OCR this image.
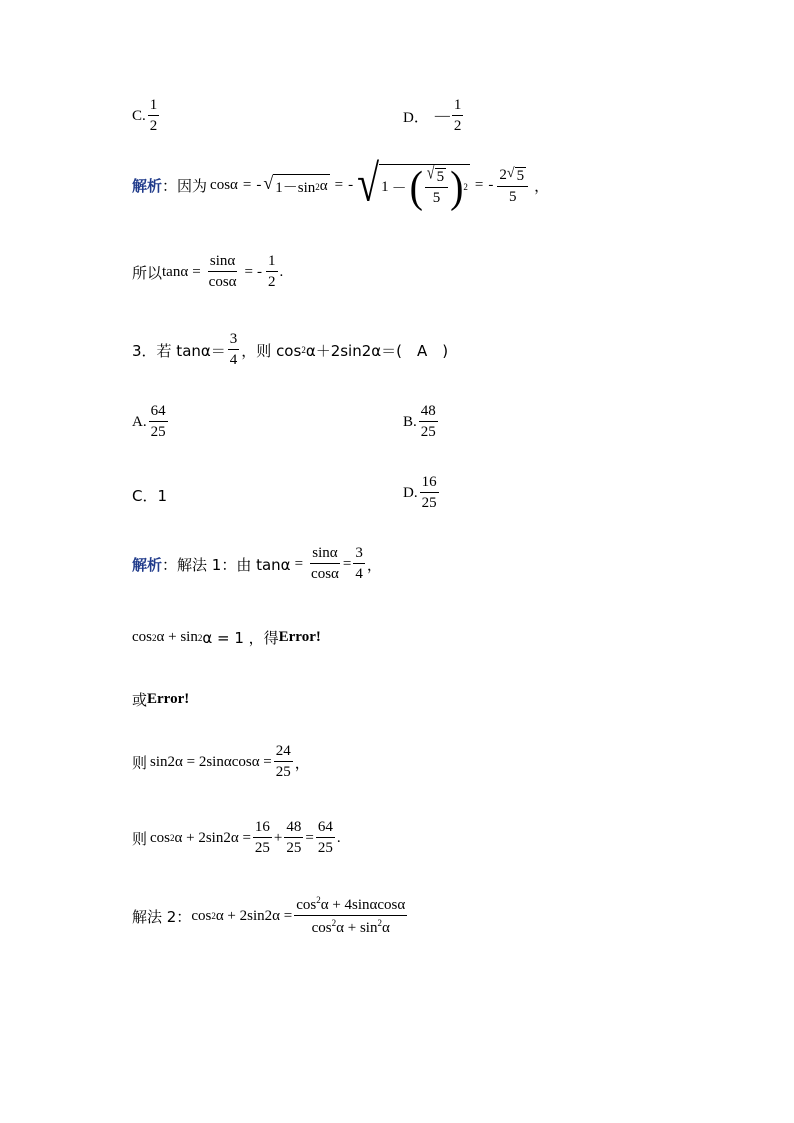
C. $\frac{1}{2}$	D． — $\frac{1}{2}$
解析 ： 因为 cosα = - √ 1－sin 2 α = - √ 1 － ( $\frac{√ 5}{5}$ ) 2 = - $\frac{2 √ 5}{5}$ ，
所以 $\tan\alpha = \frac{\sin\alpha}{\cos\alpha}$ = - $\frac{1}{2}$ .
3．若 $\tan\alpha = \frac{3}{4}$ ，则 cos 2 α＋2sin2α＝(　A　)
A. $\frac{64}{25}$	B. $\frac{48}{25}$
C．1	D. $\frac{16}{25}$
解析 ：解法 1：由 $\tan\alpha = \frac{\sin\alpha}{\cos\alpha} = \frac{3}{4}$ ，
cos 2 α + sin 2 α = 1 ，得 Error!
或 Error!
则 $\sin 2\alpha = 2\sin\alpha\cos\alpha = \frac{24}{25}$ ，
则 cos 2 $\alpha + 2\sin 2\alpha = \frac{16}{25} + \frac{48}{25} = \frac{64}{25}$ .
解法 2： cos 2 $\alpha + 2\sin 2\alpha = \frac{\cos^2\alpha + 4\sin\alpha\cos\alpha}{\cos^2\alpha + \sin^2\alpha}$
